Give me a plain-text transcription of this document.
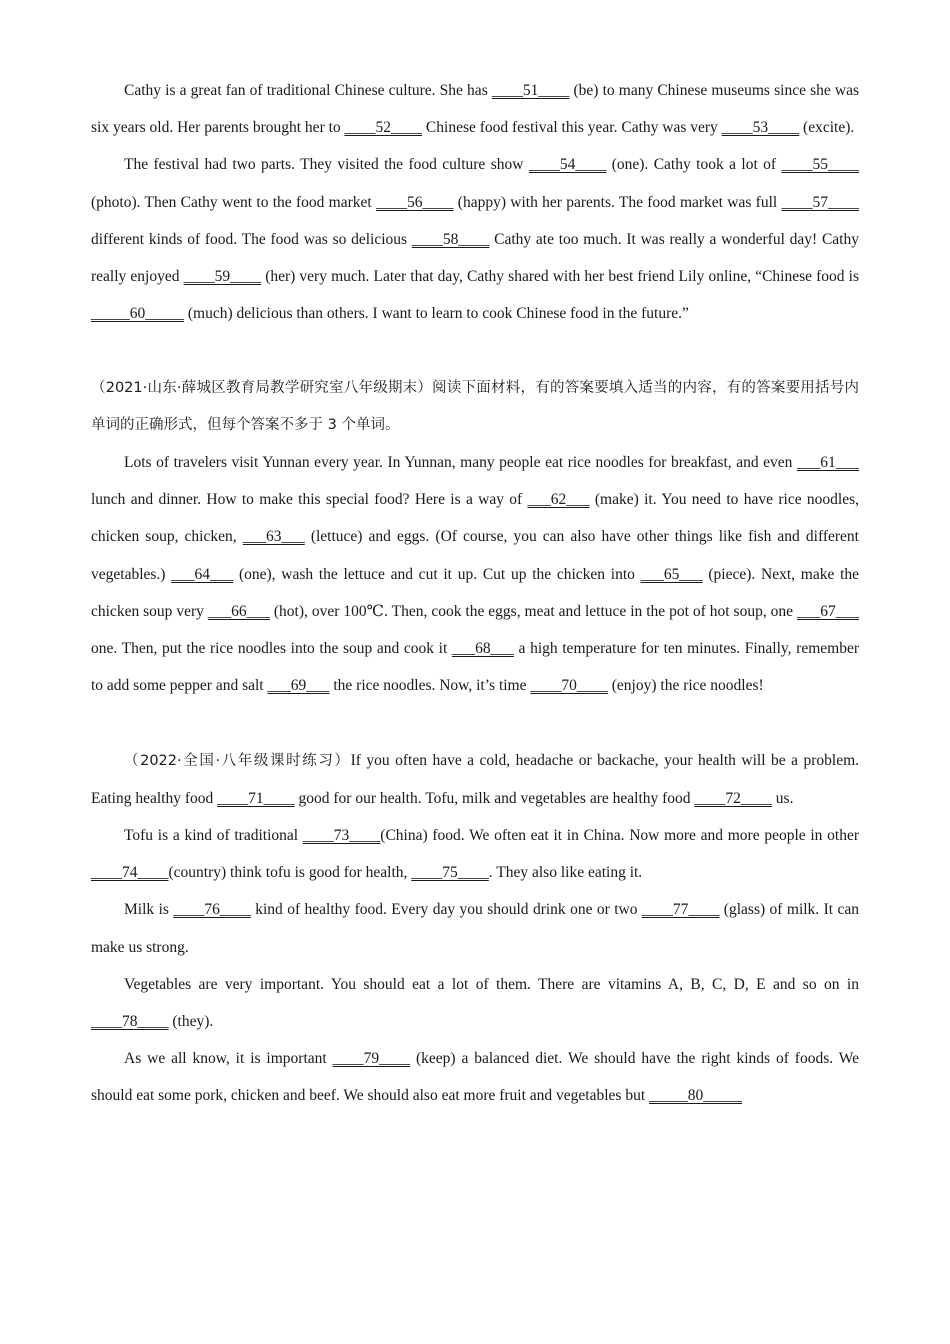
Cathy is a great fan of traditional Chinese culture. She has ____51____ (be) to many Chinese museums since she was six years old. Her parents brought her to ____52____ Chinese food festival this year. Cathy was very ____53____ (excite).

The festival had two parts. They visited the food culture show ____54____ (one). Cathy took a lot of ____55____ (photo). Then Cathy went to the food market ____56____ (happy) with her parents. The food market was full ____57____ different kinds of food. The food was so delicious ____58____ Cathy ate too much. It was really a wonderful day! Cathy really enjoyed ____59____ (her) very much. Later that day, Cathy shared with her best friend Lily online, “Chinese food is _____60_____ (much) delicious than others. I want to learn to cook Chinese food in the future.”

（2021·山东·薛城区教育局教学研究室八年级期末）阅读下面材料，有的答案要填入适当的内容，有的答案要用括号内单词的正确形式，但每个答案不多于 3 个单词。

Lots of travelers visit Yunnan every year. In Yunnan, many people eat rice noodles for breakfast, and even ___61___ lunch and dinner. How to make this special food? Here is a way of ___62___ (make) it. You need to have rice noodles, chicken soup, chicken, ___63___ (lettuce) and eggs. (Of course, you can also have other things like fish and different vegetables.) ___64___ (one), wash the lettuce and cut it up. Cut up the chicken into ___65___ (piece). Next, make the chicken soup very ___66___ (hot), over 100℃. Then, cook the eggs, meat and lettuce in the pot of hot soup, one ___67___ one. Then, put the rice noodles into the soup and cook it ___68___ a high temperature for ten minutes. Finally, remember to add some pepper and salt ___69___ the rice noodles. Now, it’s time ____70____ (enjoy) the rice noodles!

（2022·全国·八年级课时练习）If you often have a cold, headache or backache, your health will be a problem. Eating healthy food ____71____ good for our health. Tofu, milk and vegetables are healthy food ____72____ us.

Tofu is a kind of traditional ____73____(China) food. We often eat it in China. Now more and more people in other ____74____(country) think tofu is good for health, ____75____. They also like eating it.

Milk is ____76____ kind of healthy food. Every day you should drink one or two ____77____ (glass) of milk. It can make us strong.

Vegetables are very important. You should eat a lot of them. There are vitamins A, B, C, D, E and so on in ____78____ (they).

As we all know, it is important ____79____ (keep) a balanced diet. We should have the right kinds of foods. We should eat some pork, chicken and beef. We should also eat more fruit and vegetables but _____80_____
